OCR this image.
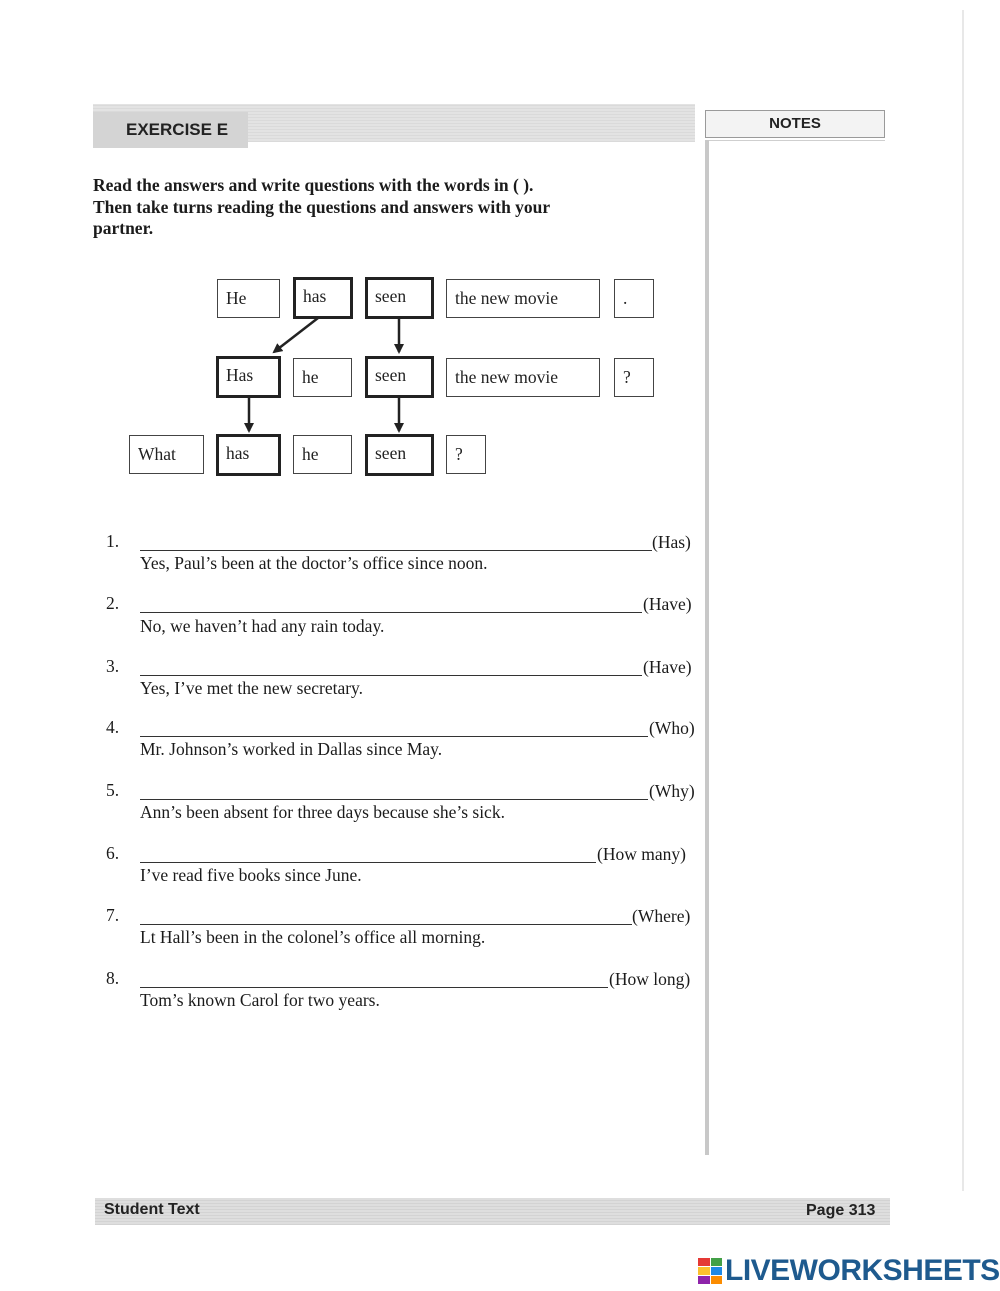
EXERCISE E	NOTES
Read the answers and write questions with the words in ( ).
Then take turns reading the questions and answers with your
partner.
He	has	seen	the new movie	.
Has	he	seen	the new movie	?
What	has	he	seen	?
1.	(Has)
Yes, Paul’s been at the doctor’s office since noon.
2.	(Have)
No, we haven’t had any rain today.
3.	(Have)
Yes, I’ve met the new secretary.
4.	(Who)
Mr. Johnson’s worked in Dallas since May.
5.	(Why)
Ann’s been absent for three days because she’s sick.
6.	(How many)
I’ve read five books since June.
7.	(Where)
Lt Hall’s been in the colonel’s office all morning.
8.	(How long)
Tom’s known Carol for two years.
Student Text	Page 313
LIVEWORKSHEETS
